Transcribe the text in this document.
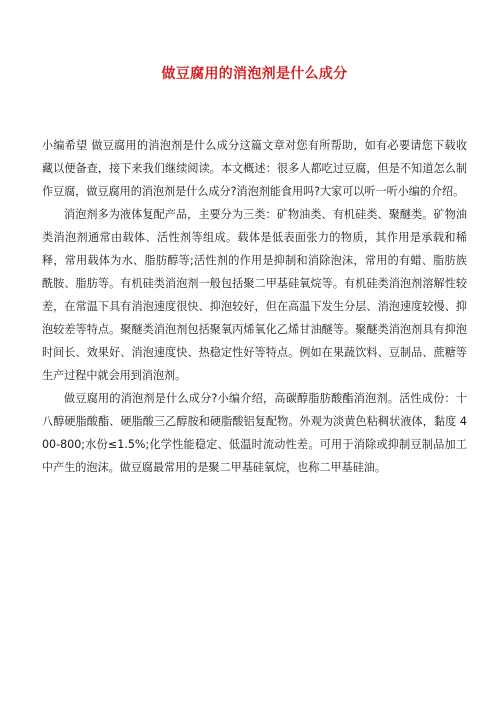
做豆腐用的消泡剂是什么成分

小编希望 做豆腐用的消泡剂是什么成分这篇文章对您有所帮助，如有必要请您下载收藏以便备查，接下来我们继续阅读。本文概述：很多人都吃过豆腐，但是不知道怎么制作豆腐，做豆腐用的消泡剂是什么成分?消泡剂能食用吗?大家可以听一听小编的介绍。

消泡剂多为液体复配产品，主要分为三类：矿物油类、有机硅类、聚醚类。矿物油类消泡剂通常由载体、活性剂等组成。载体是低表面张力的物质，其作用是承载和稀释，常用载体为水、脂肪醇等;活性剂的作用是抑制和消除泡沫，常用的有蜡、脂肪族酰胺、脂肪等。有机硅类消泡剂一般包括聚二甲基硅氧烷等。有机硅类消泡剂溶解性较差，在常温下具有消泡速度很快、抑泡较好，但在高温下发生分层、消泡速度较慢、抑泡较差等特点。聚醚类消泡剂包括聚氧丙烯氧化乙烯甘油醚等。聚醚类消泡剂具有抑泡时间长、效果好、消泡速度快、热稳定性好等特点。例如在果蔬饮料、豆制品、蔗糖等生产过程中就会用到消泡剂。

做豆腐用的消泡剂是什么成分?小编介绍，高碳醇脂肪酸酯消泡剂。活性成份：十八醇硬脂酸酯、硬脂酸三乙醇胺和硬脂酸铝复配物。外观为淡黄色粘稠状液体，黏度 400-800;水份≤1.5%;化学性能稳定、低温时流动性差。可用于消除或抑制豆制品加工中产生的泡沫。做豆腐最常用的是聚二甲基硅氧烷，也称二甲基硅油。
